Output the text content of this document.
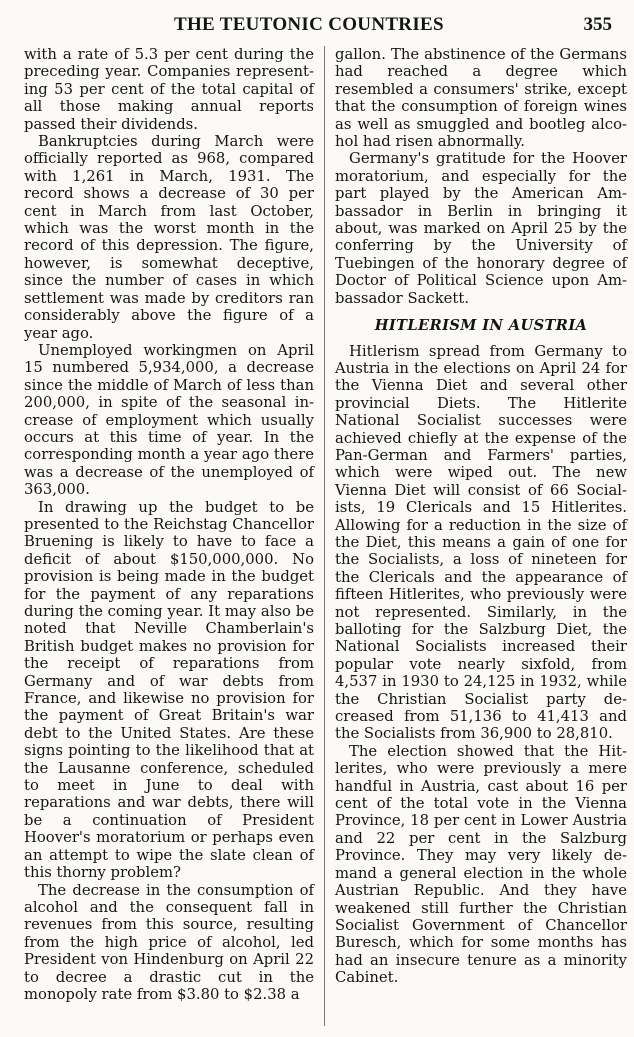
THE TEUTONIC COUNTRIES	355

with a rate of 5.3 per cent during the preceding year. Companies representing 53 per cent of the total capital of all those making annual reports passed their dividends.

Bankruptcies during March were officially reported as 968, compared with 1,261 in March, 1931. The record shows a decrease of 30 per cent in March from last October, which was the worst month in the record of this depression. The figure, however, is somewhat deceptive, since the number of cases in which settlement was made by creditors ran considerably above the figure of a year ago.

Unemployed workingmen on April 15 numbered 5,934,000, a decrease since the middle of March of less than 200,000, in spite of the seasonal increase of employment which usually occurs at this time of year. In the corresponding month a year ago there was a decrease of the unemployed of 363,000.

In drawing up the budget to be presented to the Reichstag Chancellor Bruening is likely to have to face a deficit of about $150,000,000. No provision is being made in the budget for the payment of any reparations during the coming year. It may also be noted that Neville Chamberlain's British budget makes no provision for the receipt of reparations from Germany and of war debts from France, and likewise no provision for the payment of Great Britain's war debt to the United States. Are these signs pointing to the likelihood that at the Lausanne conference, scheduled to meet in June to deal with reparations and war debts, there will be a continuation of President Hoover's moratorium or perhaps even an attempt to wipe the slate clean of this thorny problem?

The decrease in the consumption of alcohol and the consequent fall in revenues from this source, resulting from the high price of alcohol, led President von Hindenburg on April 22 to decree a drastic cut in the monopoly rate from $3.80 to $2.38 a

gallon. The abstinence of the Germans had reached a degree which resembled a consumers' strike, except that the consumption of foreign wines as well as smuggled and bootleg alcohol had risen abnormally.

Germany's gratitude for the Hoover moratorium, and especially for the part played by the American Ambassador in Berlin in bringing it about, was marked on April 25 by the conferring by the University of Tuebingen of the honorary degree of Doctor of Political Science upon Ambassador Sackett.

HITLERISM IN AUSTRIA

Hitlerism spread from Germany to Austria in the elections on April 24 for the Vienna Diet and several other provincial Diets. The Hitlerite National Socialist successes were achieved chiefly at the expense of the Pan-German and Farmers' parties, which were wiped out. The new Vienna Diet will consist of 66 Socialists, 19 Clericals and 15 Hitlerites. Allowing for a reduction in the size of the Diet, this means a gain of one for the Socialists, a loss of nineteen for the Clericals and the appearance of fifteen Hitlerites, who previously were not represented. Similarly, in the balloting for the Salzburg Diet, the National Socialists increased their popular vote nearly sixfold, from 4,537 in 1930 to 24,125 in 1932, while the Christian Socialist party decreased from 51,136 to 41,413 and the Socialists from 36,900 to 28,810.

The election showed that the Hitlerites, who were previously a mere handful in Austria, cast about 16 per cent of the total vote in the Vienna Province, 18 per cent in Lower Austria and 22 per cent in the Salzburg Province. They may very likely demand a general election in the whole Austrian Republic. And they have weakened still further the Christian Socialist Government of Chancellor Buresch, which for some months has had an insecure tenure as a minority Cabinet.
